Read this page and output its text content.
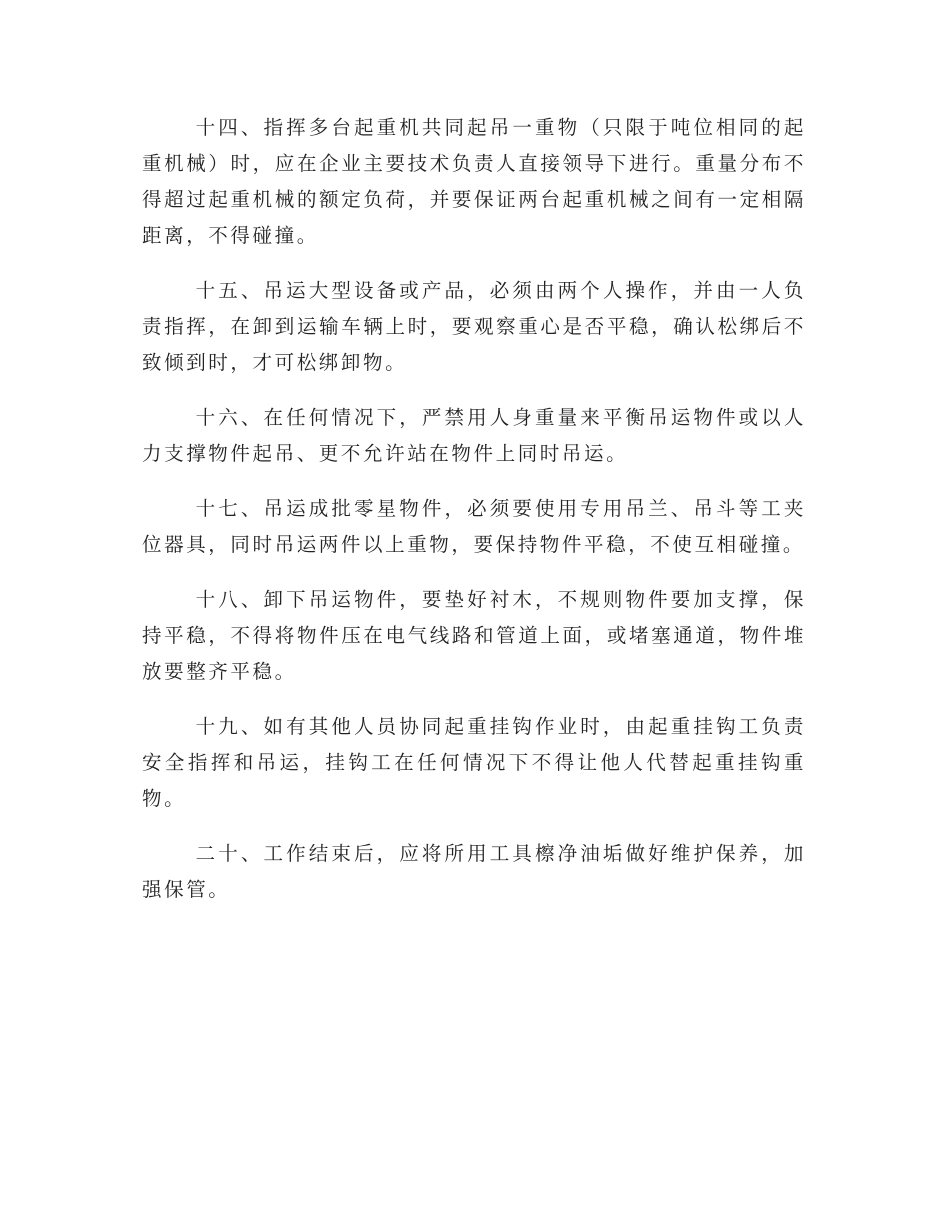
十四、指挥多台起重机共同起吊一重物（只限于吨位相同的起重机械）时，应在企业主要技术负责人直接领导下进行。重量分布不得超过起重机械的额定负荷，并要保证两台起重机械之间有一定相隔距离，不得碰撞。

十五、吊运大型设备或产品，必须由两个人操作，并由一人负责指挥，在卸到运输车辆上时，要观察重心是否平稳，确认松绑后不致倾到时，才可松绑卸物。

十六、在任何情况下，严禁用人身重量来平衡吊运物件或以人力支撑物件起吊、更不允许站在物件上同时吊运。

十七、吊运成批零星物件，必须要使用专用吊兰、吊斗等工夹位器具，同时吊运两件以上重物，要保持物件平稳，不使互相碰撞。

十八、卸下吊运物件，要垫好衬木，不规则物件要加支撑，保持平稳，不得将物件压在电气线路和管道上面，或堵塞通道，物件堆放要整齐平稳。

十九、如有其他人员协同起重挂钩作业时，由起重挂钩工负责安全指挥和吊运，挂钩工在任何情况下不得让他人代替起重挂钩重物。

二十、工作结束后，应将所用工具檫净油垢做好维护保养，加强保管。
